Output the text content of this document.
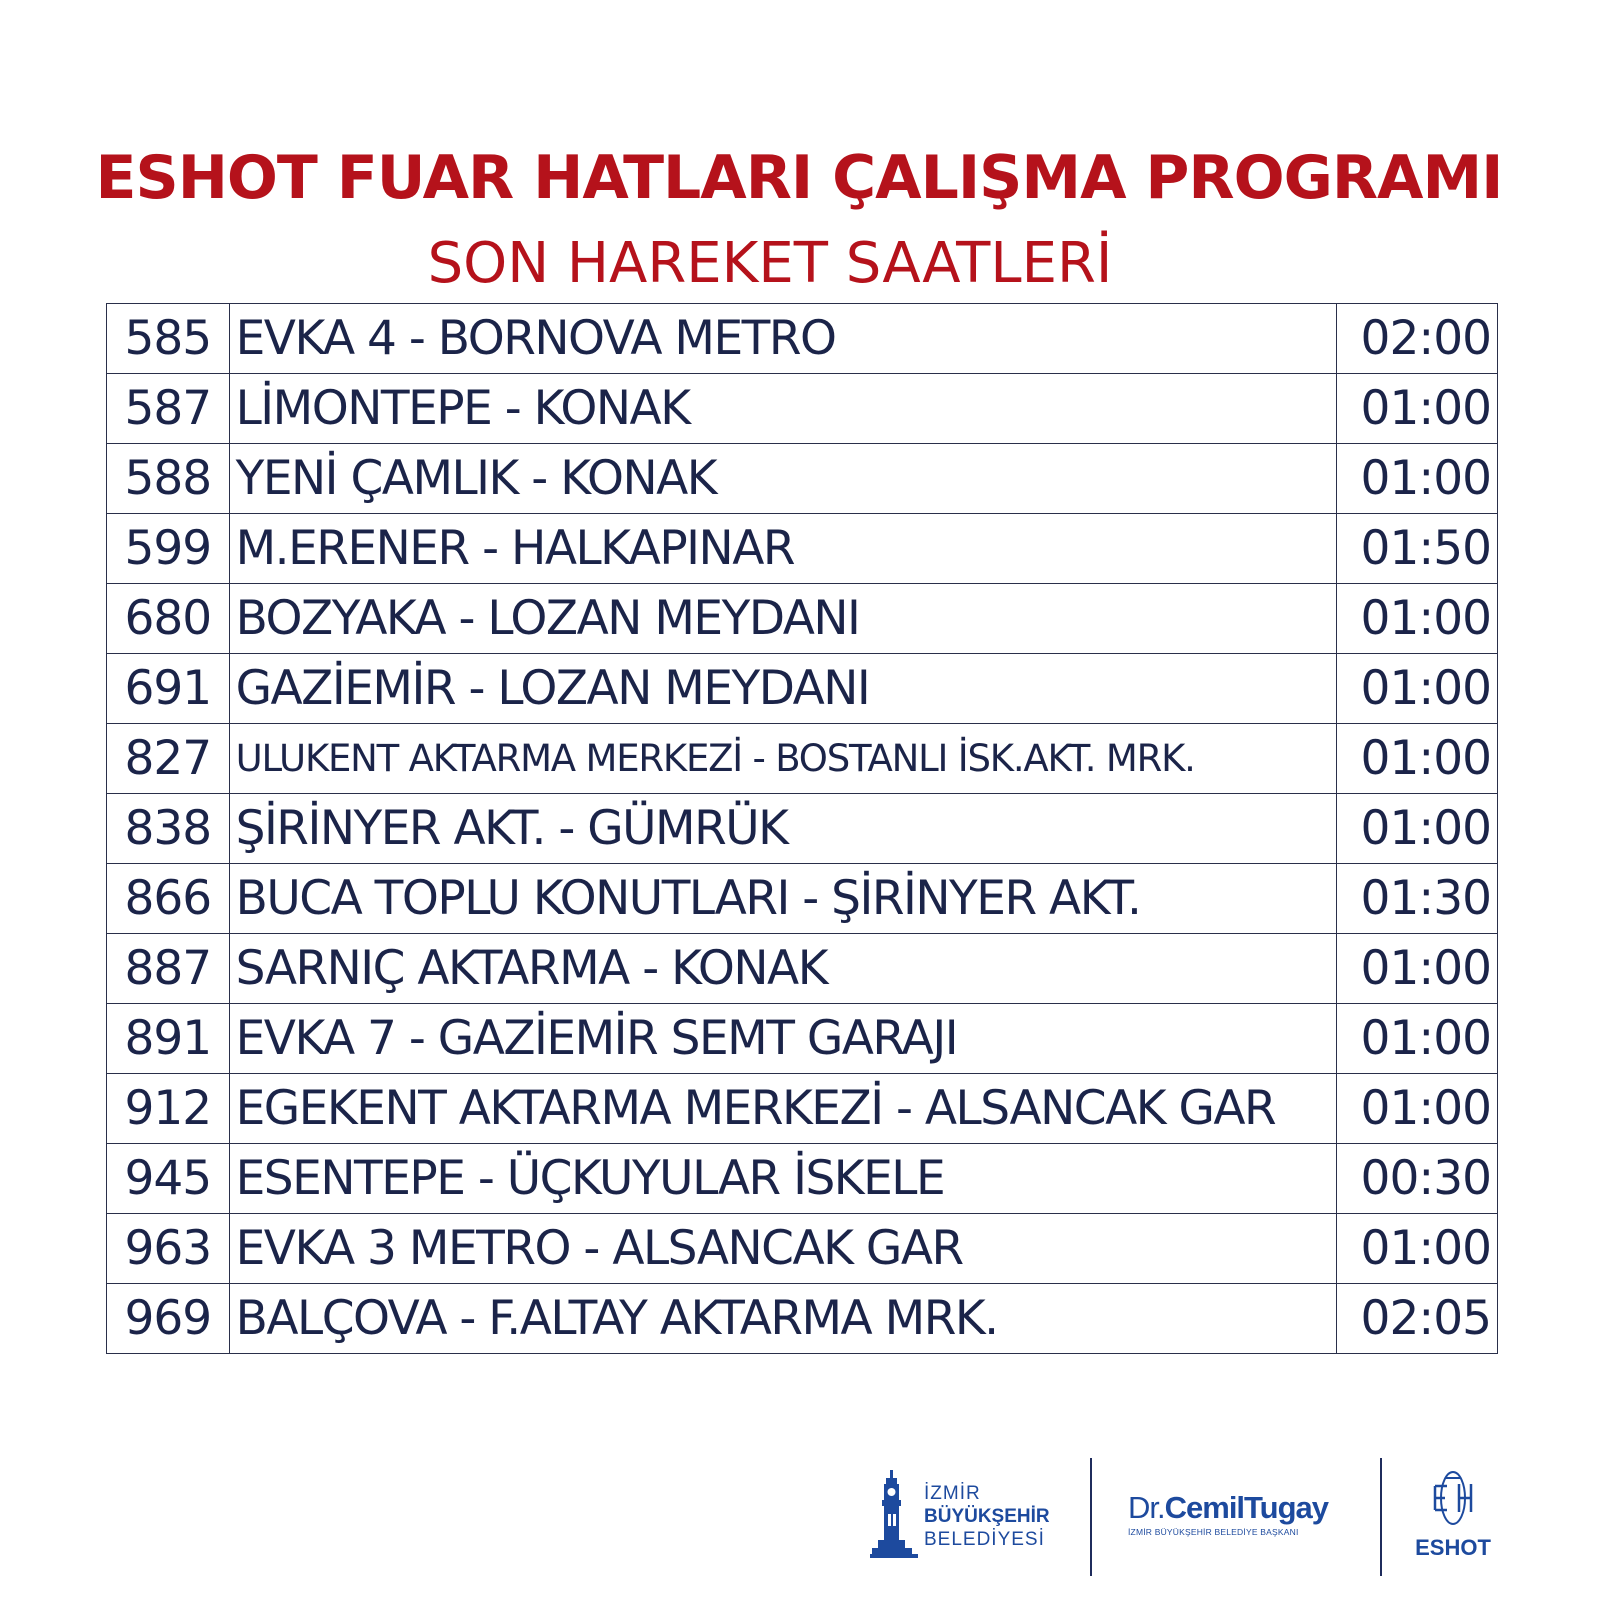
ESHOT FUAR HATLARI ÇALIŞMA PROGRAMI
SON HAREKET SAATLERİ
585	EVKA 4 - BORNOVA METRO	02:00
587	LİMONTEPE - KONAK	01:00
588	YENİ ÇAMLIK - KONAK	01:00
599	M.ERENER - HALKAPINAR	01:50
680	BOZYAKA - LOZAN MEYDANI	01:00
691	GAZİEMİR - LOZAN MEYDANI	01:00
827	ULUKENT AKTARMA MERKEZİ - BOSTANLI İSK.AKT. MRK.	01:00
838	ŞİRİNYER AKT. - GÜMRÜK	01:00
866	BUCA TOPLU KONUTLARI - ŞİRİNYER AKT.	01:30
887	SARNIÇ AKTARMA - KONAK	01:00
891	EVKA 7 - GAZİEMİR SEMT GARAJI	01:00
912	EGEKENT AKTARMA MERKEZİ - ALSANCAK GAR	01:00
945	ESENTEPE - ÜÇKUYULAR İSKELE	00:30
963	EVKA 3 METRO - ALSANCAK GAR	01:00
969	BALÇOVA - F.ALTAY AKTARMA MRK.	02:05
İZMİR
BÜYÜKŞEHİR
BELEDİYESİ
Dr.CemilTugay
İZMİR BÜYÜKŞEHİR BELEDİYE BAŞKANI
ESHOT
